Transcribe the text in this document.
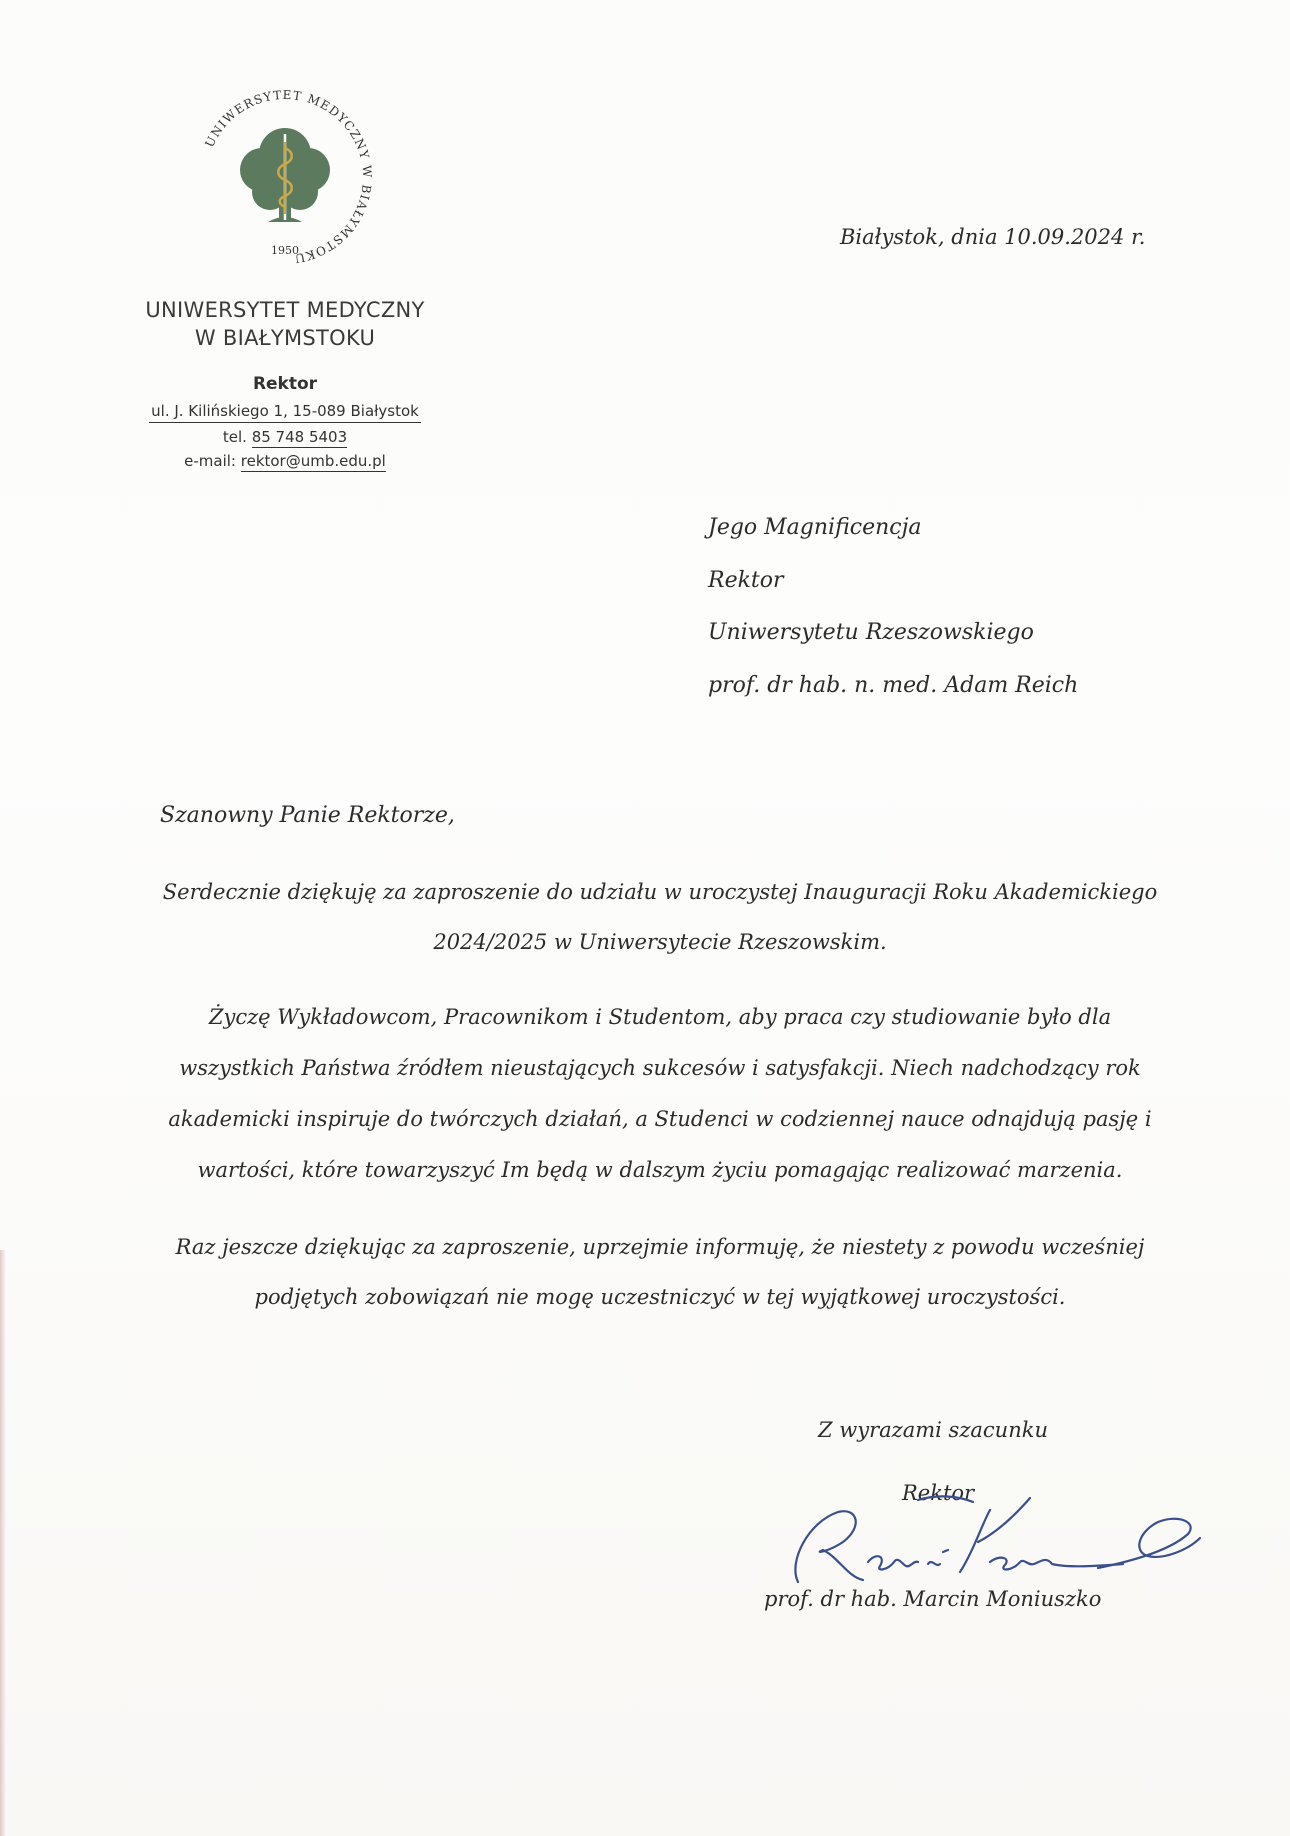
UNIWERSYTET MEDYCZNY W BIAŁYMSTOKU
1950
UNIWERSYTET MEDYCZNY
W BIAŁYMSTOKU
Rektor
ul. J. Kilińskiego 1, 15-089 Białystok
tel. 85 748 5403
e-mail: rektor@umb.edu.pl
Białystok, dnia 10.09.2024 r.
Jego Magnificencja
Rektor
Uniwersytetu Rzeszowskiego
prof. dr hab. n. med. Adam Reich
Szanowny Panie Rektorze,
Serdecznie dziękuję za zaproszenie do udziału w uroczystej Inauguracji Roku Akademickiego 2024/2025 w Uniwersytecie Rzeszowskim.
Życzę Wykładowcom, Pracownikom i Studentom, aby praca czy studiowanie było dla wszystkich Państwa źródłem nieustających sukcesów i satysfakcji. Niech nadchodzący rok akademicki inspiruje do twórczych działań, a Studenci w codziennej nauce odnajdują pasję i wartości, które towarzyszyć Im będą w dalszym życiu pomagając realizować marzenia.
Raz jeszcze dziękując za zaproszenie, uprzejmie informuję, że niestety z powodu wcześniej podjętych zobowiązań nie mogę uczestniczyć w tej wyjątkowej uroczystości.
Z wyrazami szacunku
Rektor
prof. dr hab. Marcin Moniuszko
